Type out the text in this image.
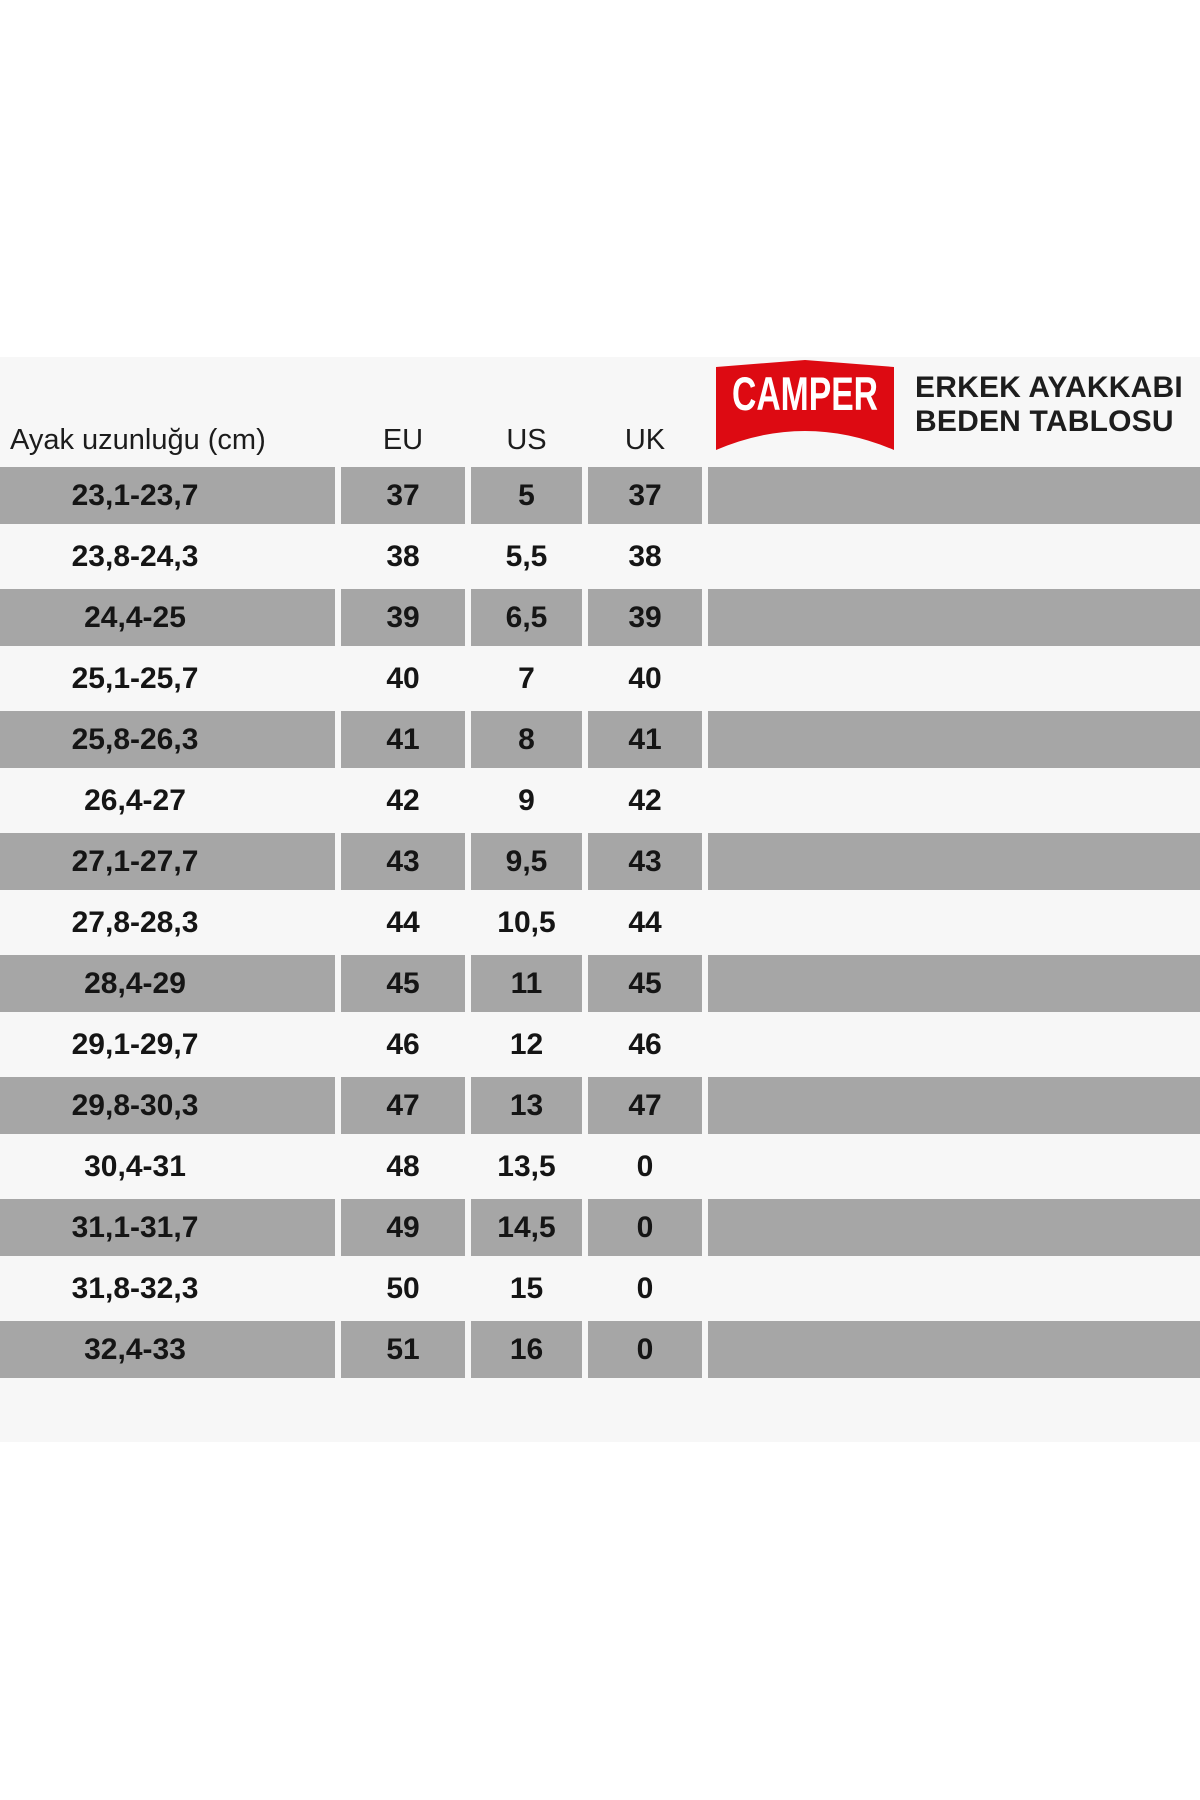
Ayak uzunluğu (cm)	EU	US	UK
CAMPER ERKEK AYAKKABI
BEDEN TABLOSU
23,1-23,7	37	5	37
23,8-24,3	38	5,5	38
24,4-25	39	6,5	39
25,1-25,7	40	7	40
25,8-26,3	41	8	41
26,4-27	42	9	42
27,1-27,7	43	9,5	43
27,8-28,3	44	10,5	44
28,4-29	45	11	45
29,1-29,7	46	12	46
29,8-30,3	47	13	47
30,4-31	48	13,5	0
31,1-31,7	49	14,5	0
31,8-32,3	50	15	0
32,4-33	51	16	0
